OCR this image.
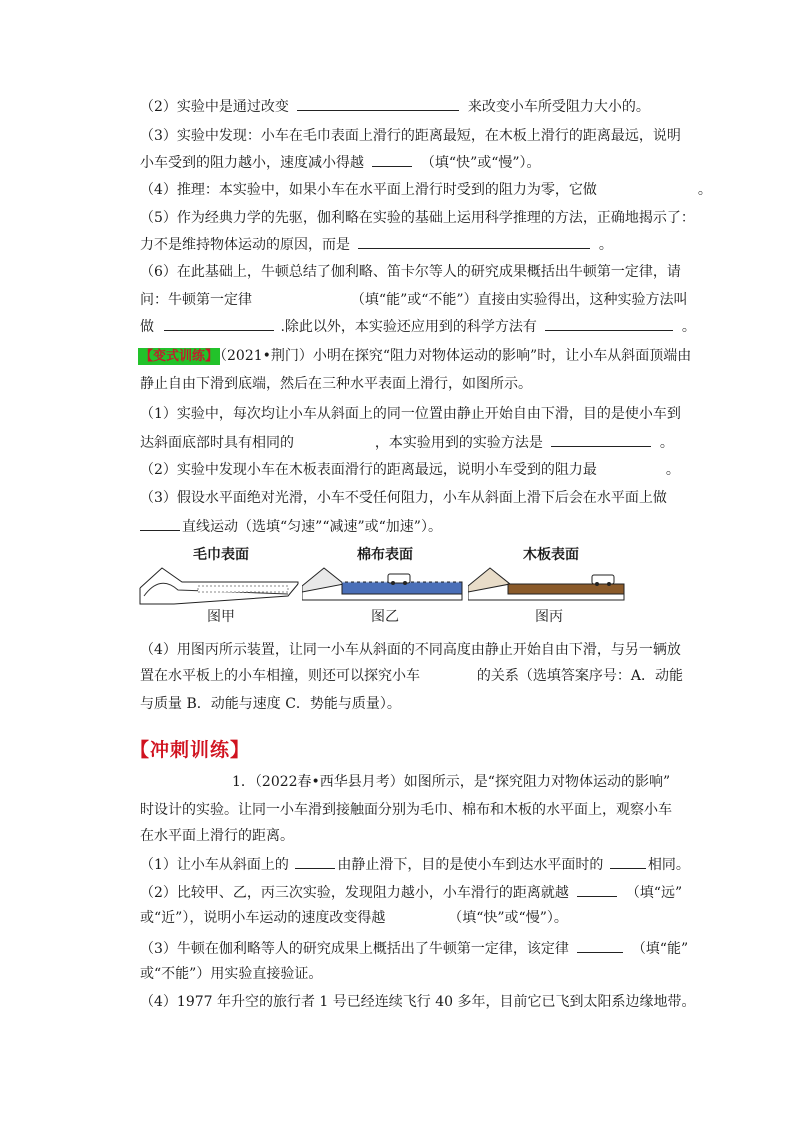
（2）实验中是通过改变	来改变小车所受阻力大小的。
（3）实验中发现：小车在毛巾表面上滑行的距离最短，在木板上滑行的距离最远，说明
小车受到的阻力越小，速度减小得越	（填“快”或“慢”）。
（4）推理：本实验中，如果小车在水平面上滑行时受到的阻力为零，它做	。
（5）作为经典力学的先驱，伽利略在实验的基础上运用科学推理的方法，正确地揭示了：
力不是维持物体运动的原因，而是	。
（6）在此基础上，牛顿总结了伽利略、笛卡尔等人的研究成果概括出牛顿第一定律，请
问：牛顿第一定律	（填“能”或“不能”）直接由实验得出，这种实验方法叫
做	.除此以外，本实验还应用到的科学方法有	。
【变式训练】 （2021•荆门）小明在探究“阻力对物体运动的影响”时，让小车从斜面顶端由
静止自由下滑到底端，然后在三种水平表面上滑行，如图所示。
（1）实验中，每次均让小车从斜面上的同一位置由静止开始自由下滑，目的是使小车到
达斜面底部时具有相同的	，本实验用到的实验方法是	。
（2）实验中发现小车在木板表面滑行的距离最远，说明小车受到的阻力最	。
（3）假设水平面绝对光滑，小车不受任何阻力，小车从斜面上滑下后会在水平面上做
直线运动（选填“匀速”“减速”或“加速”）。
毛巾表面	棉布表面	木板表面
图甲	图乙	图丙
（4）用图丙所示装置，让同一小车从斜面的不同高度由静止开始自由下滑，与另一辆放
置在水平板上的小车相撞，则还可以探究小车	的关系（选填答案序号：A．动能
与质量 B．动能与速度 C．势能与质量）。
【冲刺训练】
1．（2022春•西华县月考）如图所示，是“探究阻力对物体运动的影响”
时设计的实验。让同一小车滑到接触面分别为毛巾、棉布和木板的水平面上，观察小车
在水平面上滑行的距离。
（1）让小车从斜面上的	由静止滑下，目的是使小车到达水平面时的	相同。
（2）比较甲、乙，丙三次实验，发现阻力越小，小车滑行的距离就越	（填“远”
或“近”），说明小车运动的速度改变得越	（填“快”或“慢”）。
（3）牛顿在伽利略等人的研究成果上概括出了牛顿第一定律，该定律	（填“能”
或“不能”）用实验直接验证。
（4）1977 年升空的旅行者 1 号已经连续飞行 40 多年，目前它已飞到太阳系边缘地带。
